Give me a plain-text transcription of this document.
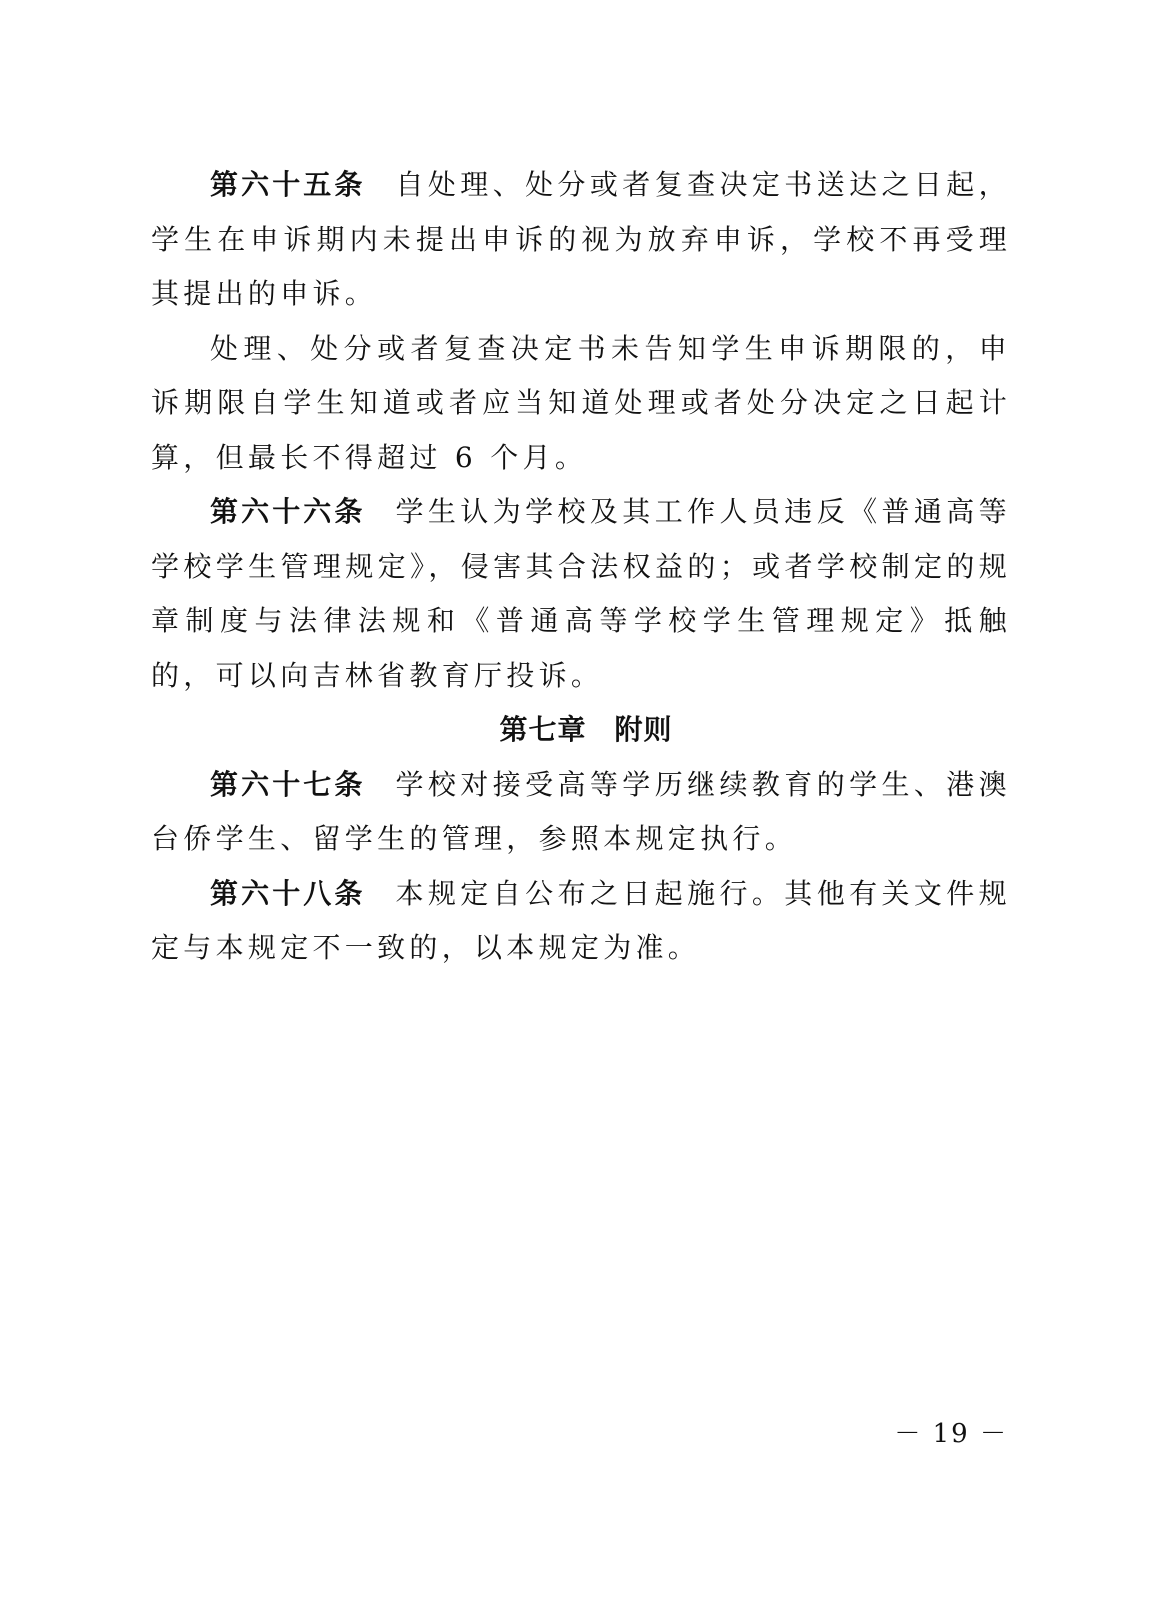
第六十五条 自处理、处分或者复查决定书送达之日起，学生在申诉期内未提出申诉的视为放弃申诉，学校不再受理其提出的申诉。

处理、处分或者复查决定书未告知学生申诉期限的，申诉期限自学生知道或者应当知道处理或者处分决定之日起计算，但最长不得超过 6 个月。

第六十六条 学生认为学校及其工作人员违反《普通高等学校学生管理规定》，侵害其合法权益的；或者学校制定的规章制度与法律法规和《普通高等学校学生管理规定》抵触的，可以向吉林省教育厅投诉。

第七章 附则

第六十七条 学校对接受高等学历继续教育的学生、港澳台侨学生、留学生的管理，参照本规定执行。

第六十八条 本规定自公布之日起施行。其他有关文件规定与本规定不一致的，以本规定为准。

－ 19 －
